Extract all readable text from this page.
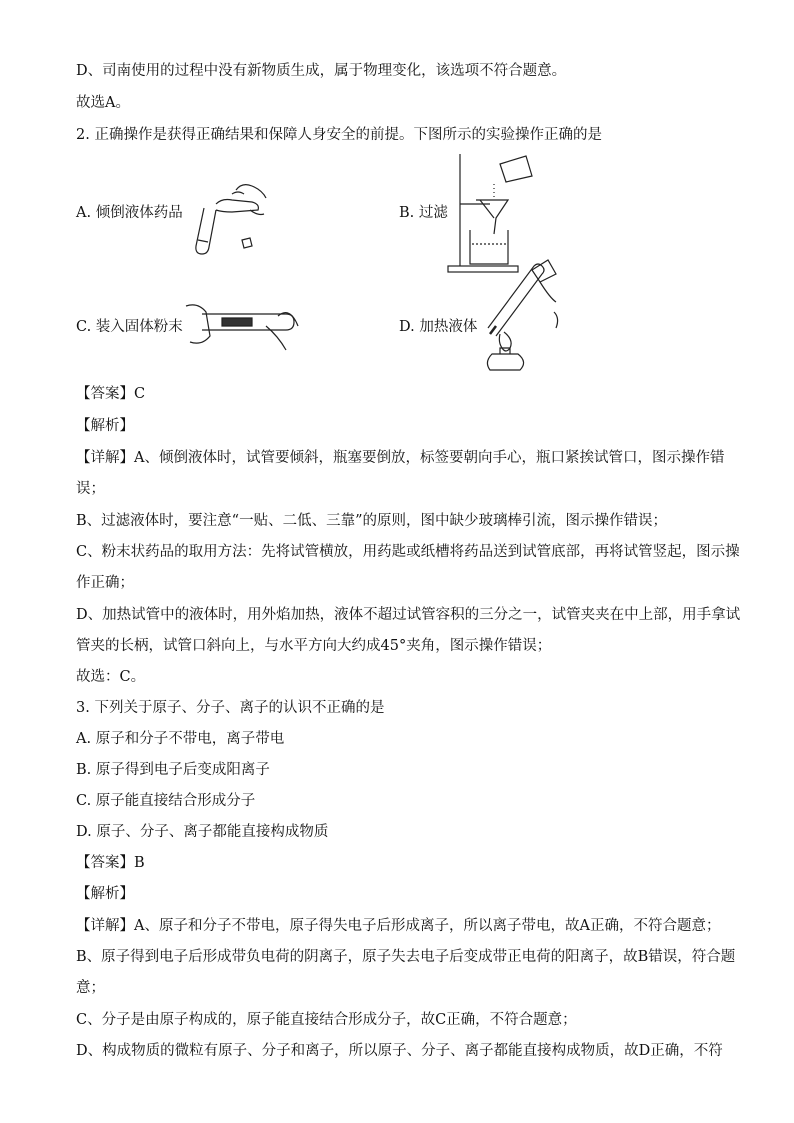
D、司南使用的过程中没有新物质生成，属于物理变化，该选项不符合题意。
故选A。
2. 正确操作是获得正确结果和保障人身安全的前提。下图所示的实验操作正确的是
A. 倾倒液体药品	B. 过滤
C. 装入固体粉末	D. 加热液体
【答案】C
【解析】
【详解】A、倾倒液体时，试管要倾斜，瓶塞要倒放，标签要朝向手心，瓶口紧挨试管口，图示操作错
误；
B、过滤液体时，要注意“一贴、二低、三靠”的原则，图中缺少玻璃棒引流，图示操作错误；
C、粉末状药品的取用方法：先将试管横放，用药匙或纸槽将药品送到试管底部，再将试管竖起，图示操
作正确；
D、加热试管中的液体时，用外焰加热，液体不超过试管容积的三分之一，试管夹夹在中上部，用手拿试
管夹的长柄，试管口斜向上，与水平方向大约成45°夹角，图示操作错误；
故选：C。
3. 下列关于原子、分子、离子的认识不正确的是
A. 原子和分子不带电，离子带电
B. 原子得到电子后变成阳离子
C. 原子能直接结合形成分子
D. 原子、分子、离子都能直接构成物质
【答案】B
【解析】
【详解】A、原子和分子不带电，原子得失电子后形成离子，所以离子带电，故A正确，不符合题意；
B、原子得到电子后形成带负电荷的阴离子，原子失去电子后变成带正电荷的阳离子，故B错误，符合题
意；
C、分子是由原子构成的，原子能直接结合形成分子，故C正确，不符合题意；
D、构成物质的微粒有原子、分子和离子，所以原子、分子、离子都能直接构成物质，故D正确，不符
